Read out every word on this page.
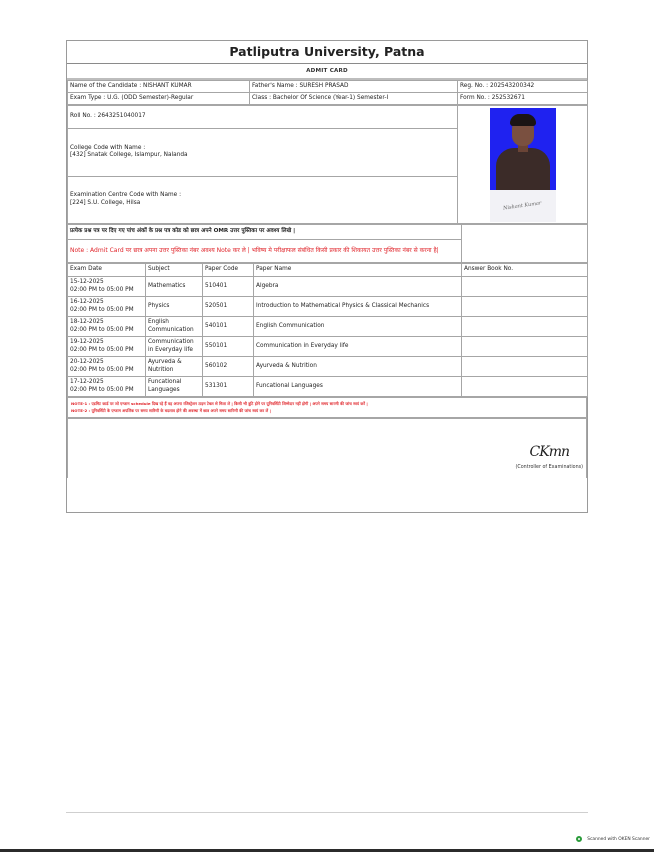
Patliputra University, Patna
ADMIT CARD
Name of the Candidate : NISHANT KUMAR	Father's Name : SURESH PRASAD	Reg. No. : 202543200342
Exam Type : U.G. (ODD Semester)-Regular	Class : Bachelor Of Science (Year-1) Semester-I	Form No. : 252532671
Roll No. : 2643251040017	
Nishant Kumar

College Code with Name :
[432] Snatak College, Islampur, Nalanda

Examination Centre Code with Name :
[224] S.U. College, Hilsa
प्रत्येक प्रश्न पत्र पर दिए गए पांच अंकों के प्रश्न पत्र कोड को छात्र अपने OMR उत्तर पुस्तिका पर अवश्य लिखे |	
Note : Admit Card पर छात्र अपना उत्तर पुस्तिका नंबर अवश्य Note कर ले | भविष्य मे परीक्षाफल संबंधित किसी प्रकार की शिकायत उत्तर पुस्तिका नंबर से करना है|
Exam Date	Subject	Paper Code	Paper Name	Answer Book No.

15-12-2025
02:00 PM to 05:00 PM	Mathematics	510401	Algebra	

16-12-2025
02:00 PM to 05:00 PM	Physics	520501	Introduction to Mathematical Physics & Classical Mechanics	

18-12-2025
02:00 PM to 05:00 PM	English Communication	540101	English Communication	

19-12-2025
02:00 PM to 05:00 PM	Communication in Everyday life	550101	Communication in Everyday life	

20-12-2025
02:00 PM to 05:00 PM	Ayurveda & Nutrition	560102	Ayurveda & Nutrition	

17-12-2025
02:00 PM to 05:00 PM	Funcational Languages	531301	Funcational Languages	
NOTE-1 : एडमिट कार्ड पर जो एग्जाम schedule दिख रहे हैं वह अपना रजिस्ट्रेशन टाइम टेबल से मिला ले | किसी भी त्रुटि होने पर यूनिवर्सिटी जिम्मेदार नहीं होगी | अपने समय सारणी की जांच स्वयं करें |
NOTE-2 : यूनिवर्सिटी के एग्जाम अपलिंक पर समय सारिणी के बदलाव होने की अवस्था में छात्र अपने समय सारिणी की जांच स्वयं कर लें |
CKmn
(Controller of Examinations)
Scanned with OKEN Scanner
